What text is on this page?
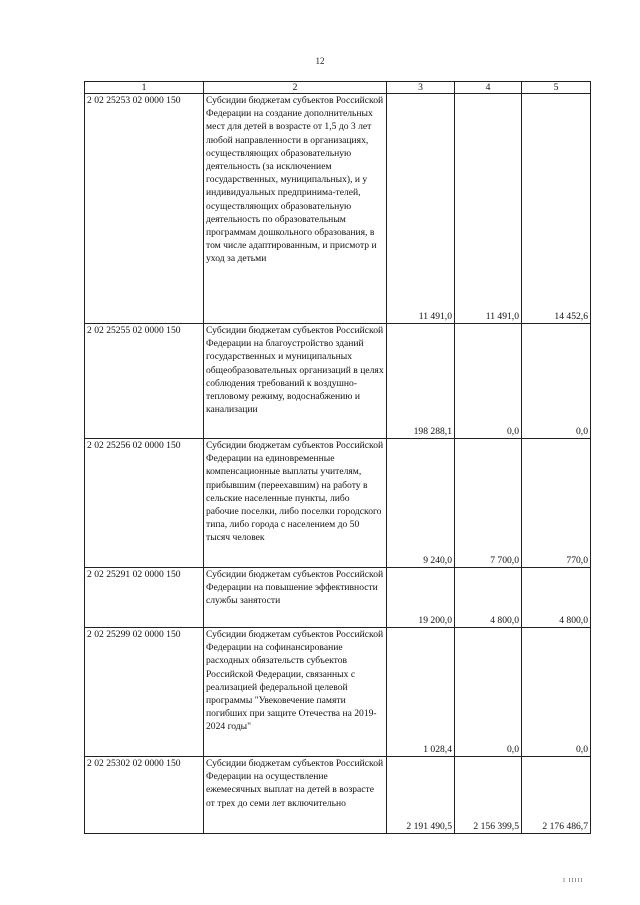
12
1	2	3	4	5
2 02 25253 02 0000 150	Субсидии бюджетам субъектов Российской Федерации на создание дополнительных мест для детей в возрасте от 1,5 до 3 лет любой направленности в организациях, осуществляющих образовательную деятельность (за исключением государственных, муниципальных), и у индивидуальных предпринима-телей, осуществляющих образовательную деятельность по образовательным программам дошкольного образования, в том числе адаптированным, и присмотр и уход за детьми	11 491,0	11 491,0	14 452,6
2 02 25255 02 0000 150	Субсидии бюджетам субъектов Российской Федерации на благоустройство зданий государственных и муниципальных общеобразовательных организаций в целях соблюдения требований к воздушно-тепловому режиму, водоснабжению и канализации	198 288,1	0,0	0,0
2 02 25256 02 0000 150	Субсидии бюджетам субъектов Российской Федерации на единовременные компенсационные выплаты учителям, прибывшим (переехавшим) на работу в сельские населенные пункты, либо рабочие поселки, либо поселки городского типа, либо города с населением до 50 тысяч человек	9 240,0	7 700,0	770,0
2 02 25291 02 0000 150	Субсидии бюджетам субъектов Российской Федерации на повышение эффективности службы занятости	19 200,0	4 800,0	4 800,0
2 02 25299 02 0000 150	Субсидии бюджетам субъектов Российской Федерации на софинансирование расходных обязательств субъектов Российской Федерации, связанных с реализацией федеральной целевой программы "Увековечение памяти погибших при защите Отечества на 2019-2024 годы"	1 028,4	0,0	0,0
2 02 25302 02 0000 150	Субсидии бюджетам субъектов Российской Федерации на осуществление ежемесячных выплат на детей в возрасте от трех до семи лет включительно	2 191 490,5	2 156 399,5	2 176 486,7
I IIIII
